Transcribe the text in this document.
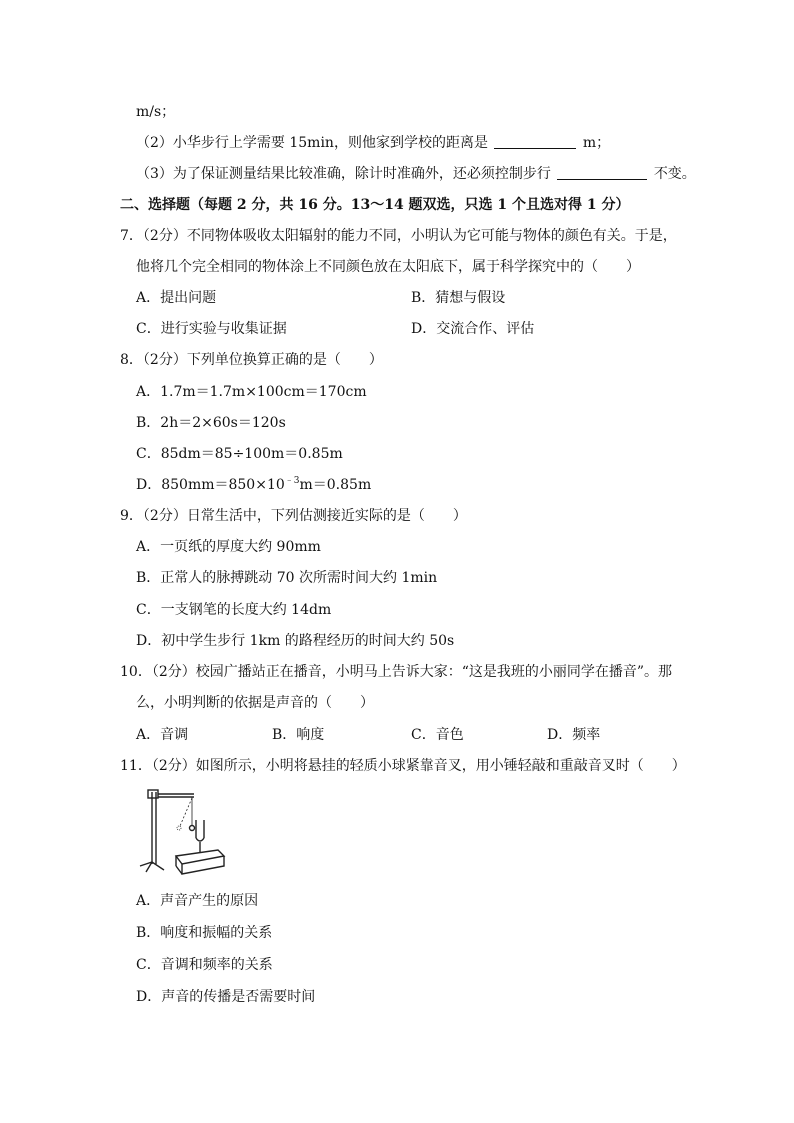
m/s；
（2）小华步行上学需要 15min，则他家到学校的距离是	m；
（3）为了保证测量结果比较准确，除计时准确外，还必须控制步行	不变。
二、选择题（每题 2 分，共 16 分。13～14 题双选，只选 1 个且选对得 1 分）
7．（2分）不同物体吸收太阳辐射的能力不同，小明认为它可能与物体的颜色有关。于是，
他将几个完全相同的物体涂上不同颜色放在太阳底下，属于科学探究中的（　　）
A．提出问题	B．猜想与假设
C．进行实验与收集证据	D．交流合作、评估
8．（2分）下列单位换算正确的是（　　）
A．1.7m＝1.7m×100cm＝170cm
B．2h＝2×60s＝120s
C．85dm＝85÷100m＝0.85m
D．$850mm=850\times 10^{﹣3}m=0.85m$
9．（2分）日常生活中，下列估测接近实际的是（　　）
A．一页纸的厚度大约 90mm
B．正常人的脉搏跳动 70 次所需时间大约 1min
C．一支钢笔的长度大约 14dm
D．初中学生步行 1km 的路程经历的时间大约 50s
10．（2分）校园广播站正在播音，小明马上告诉大家：“这是我班的小丽同学在播音”。那
么，小明判断的依据是声音的（　　）
A．音调	B．响度	C．音色	D．频率
11．（2分）如图所示，小明将悬挂的轻质小球紧靠音叉，用小锤轻敲和重敲音叉时（　　）
A．声音产生的原因
B．响度和振幅的关系
C．音调和频率的关系
D．声音的传播是否需要时间
